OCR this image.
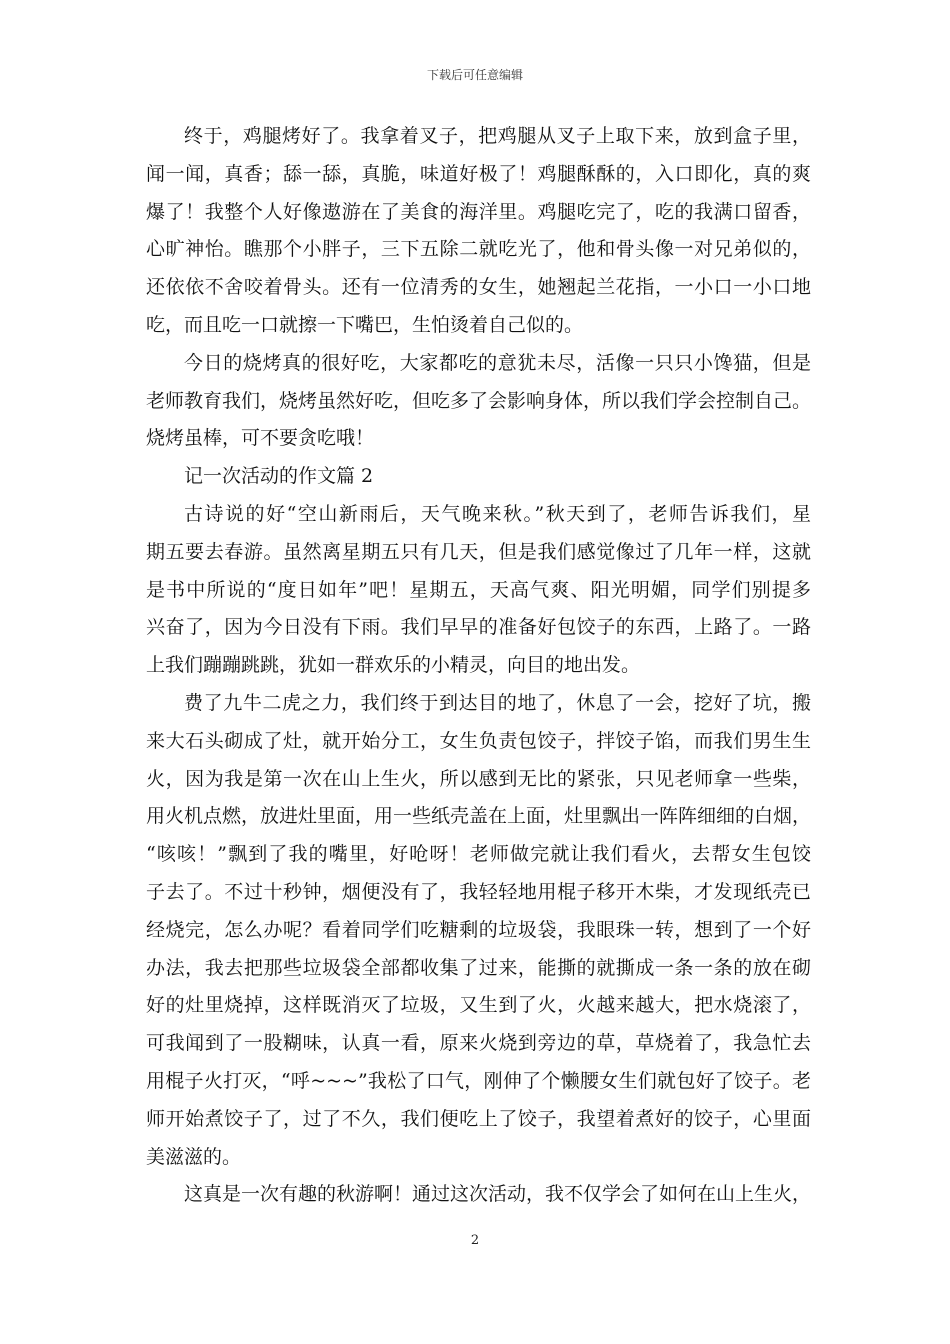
下载后可任意编辑
终于，鸡腿烤好了。我拿着叉子，把鸡腿从叉子上取下来，放到盒子里，
闻一闻，真香；舔一舔，真脆，味道好极了！鸡腿酥酥的，入口即化，真的爽
爆了！我整个人好像遨游在了美食的海洋里。鸡腿吃完了，吃的我满口留香，
心旷神怡。瞧那个小胖子，三下五除二就吃光了，他和骨头像一对兄弟似的，
还依依不舍咬着骨头。还有一位清秀的女生，她翘起兰花指，一小口一小口地
吃，而且吃一口就擦一下嘴巴，生怕烫着自己似的。
今日的烧烤真的很好吃，大家都吃的意犹未尽，活像一只只小馋猫，但是
老师教育我们，烧烤虽然好吃，但吃多了会影响身体，所以我们学会控制自己。
烧烤虽棒，可不要贪吃哦！
记一次活动的作文篇 2
古诗说的好“空山新雨后，天气晚来秋。”秋天到了，老师告诉我们，星
期五要去春游。虽然离星期五只有几天，但是我们感觉像过了几年一样，这就
是书中所说的“度日如年”吧！星期五，天高气爽、阳光明媚，同学们别提多
兴奋了，因为今日没有下雨。我们早早的准备好包饺子的东西，上路了。一路
上我们蹦蹦跳跳，犹如一群欢乐的小精灵，向目的地出发。
费了九牛二虎之力，我们终于到达目的地了，休息了一会，挖好了坑，搬
来大石头砌成了灶，就开始分工，女生负责包饺子，拌饺子馅，而我们男生生
火，因为我是第一次在山上生火，所以感到无比的紧张，只见老师拿一些柴，
用火机点燃，放进灶里面，用一些纸壳盖在上面，灶里飘出一阵阵细细的白烟，
“咳咳！”飘到了我的嘴里，好呛呀！老师做完就让我们看火，去帮女生包饺
子去了。不过十秒钟，烟便没有了，我轻轻地用棍子移开木柴，才发现纸壳已
经烧完，怎么办呢？看着同学们吃糖剩的垃圾袋，我眼珠一转，想到了一个好
办法，我去把那些垃圾袋全部都收集了过来，能撕的就撕成一条一条的放在砌
好的灶里烧掉，这样既消灭了垃圾，又生到了火，火越来越大，把水烧滚了，
可我闻到了一股糊味，认真一看，原来火烧到旁边的草，草烧着了，我急忙去
用棍子火打灭，“呼~~~”我松了口气，刚伸了个懒腰女生们就包好了饺子。老
师开始煮饺子了，过了不久，我们便吃上了饺子，我望着煮好的饺子，心里面
美滋滋的。
这真是一次有趣的秋游啊！通过这次活动，我不仅学会了如何在山上生火，
2
